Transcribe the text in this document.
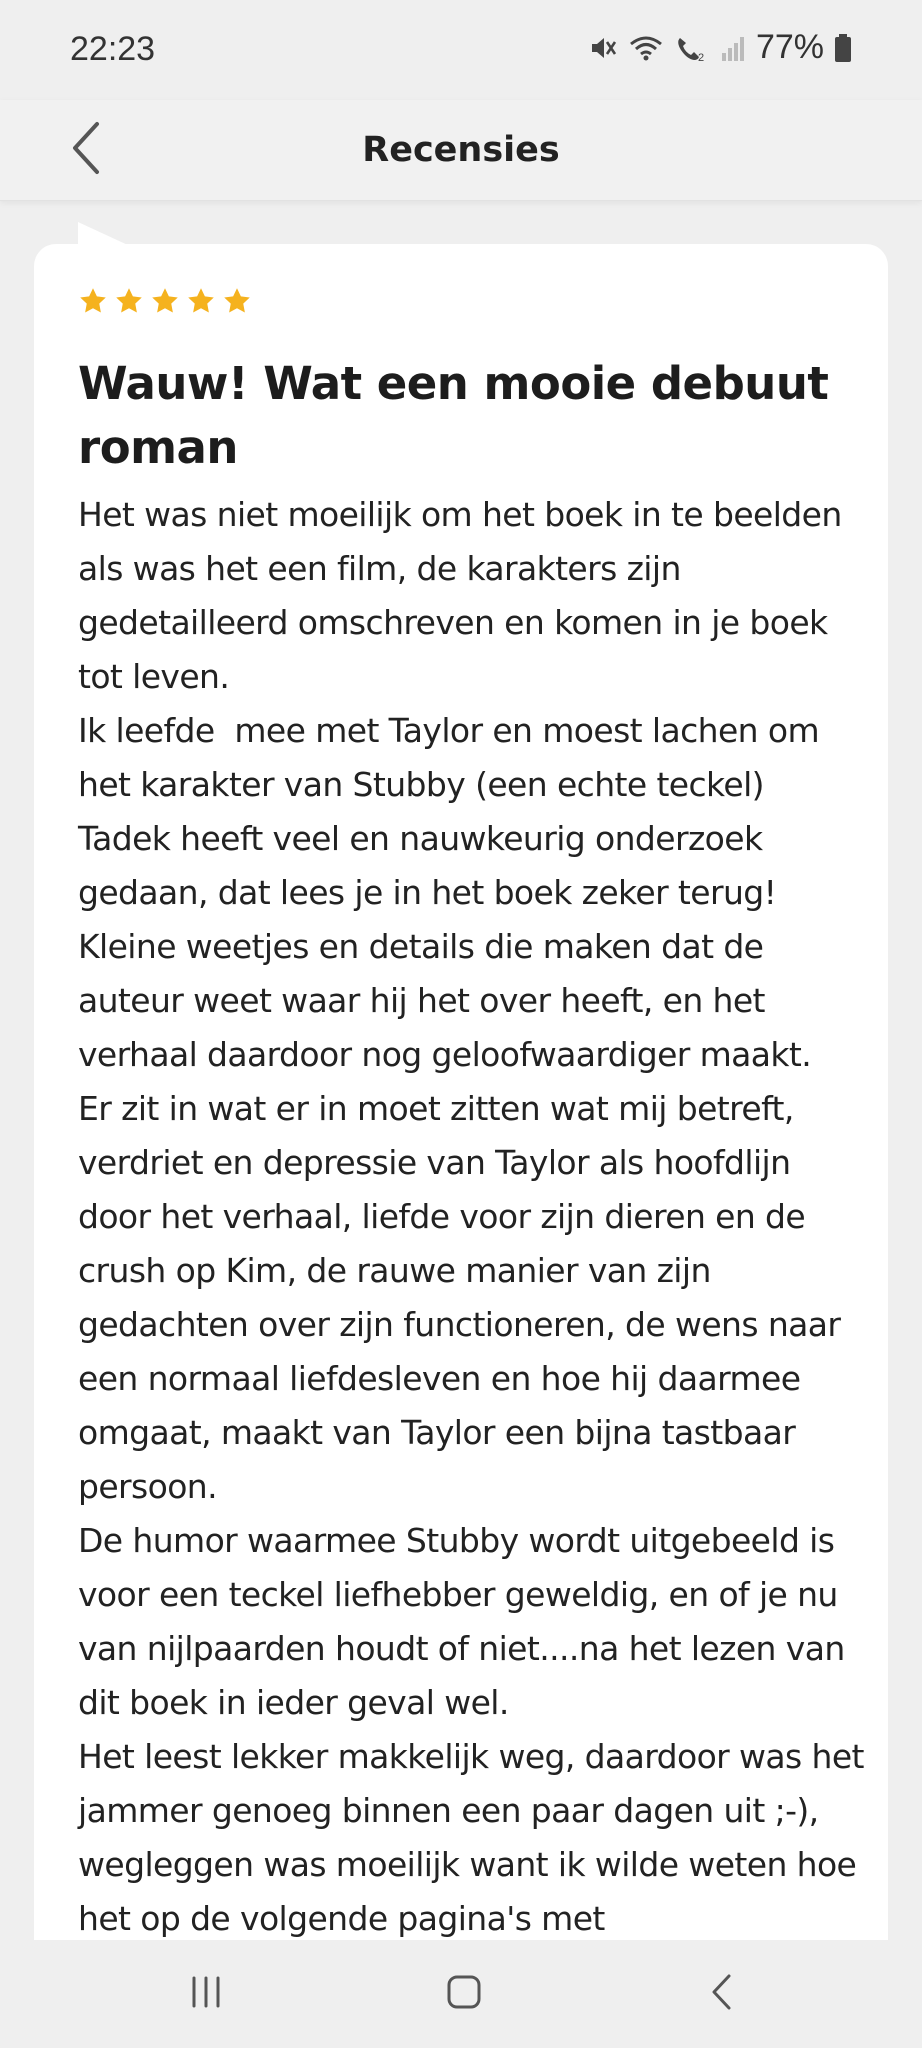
22:23	2 77%
Recensies
Wauw! Wat een mooie debuut roman
Het was niet moeilijk om het boek in te beelden als was het een film, de karakters zijn gedetailleerd omschreven en komen in je boek tot leven.
Ik leefde  mee met Taylor en moest lachen om het karakter van Stubby (een echte teckel)
Tadek heeft veel en nauwkeurig onderzoek gedaan, dat lees je in het boek zeker terug!
Kleine weetjes en details die maken dat de auteur weet waar hij het over heeft, en het verhaal daardoor nog geloofwaardiger maakt.
Er zit in wat er in moet zitten wat mij betreft, verdriet en depressie van Taylor als hoofdlijn door het verhaal, liefde voor zijn dieren en de crush op Kim, de rauwe manier van zijn gedachten over zijn functioneren, de wens naar een normaal liefdesleven en hoe hij daarmee omgaat, maakt van Taylor een bijna tastbaar persoon.
De humor waarmee Stubby wordt uitgebeeld is voor een teckel liefhebber geweldig, en of je nu van nijlpaarden houdt of niet....na het lezen van dit boek in ieder geval wel.
Het leest lekker makkelijk weg, daardoor was het jammer genoeg binnen een paar dagen uit ;-), wegleggen was moeilijk want ik wilde weten hoe het op de volgende pagina's met
